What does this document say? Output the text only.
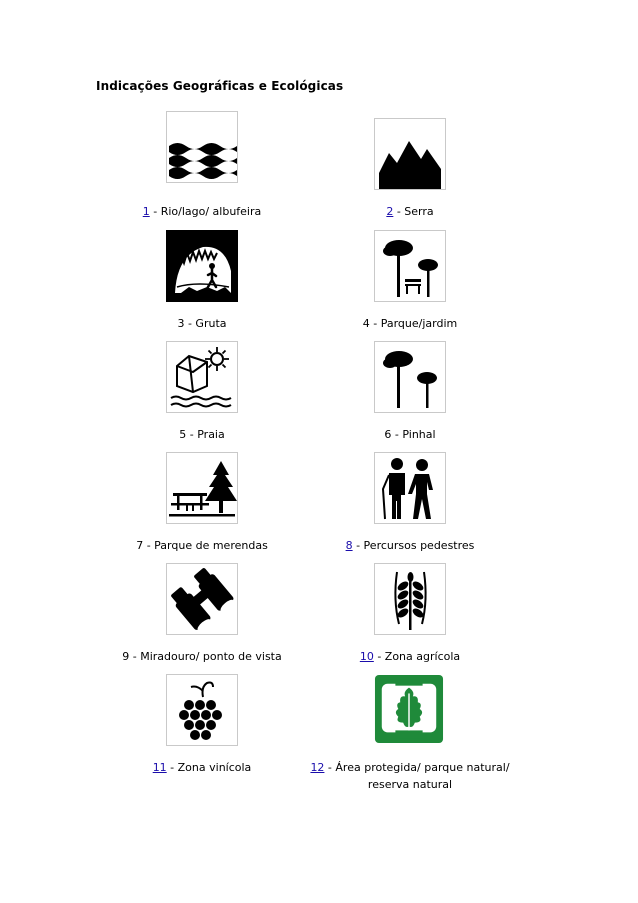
Indicações Geográficas e Ecológicas
1 - Rio/lago/ albufeira	2 - Serra
3 - Gruta	4 - Parque/jardim
5 - Praia	6 - Pinhal
7 - Parque de merendas	8 - Percursos pedestres
9 - Miradouro/ ponto de vista	10 - Zona agrícola
11 - Zona vinícola	12 - Área protegida/ parque natural/
reserva natural
